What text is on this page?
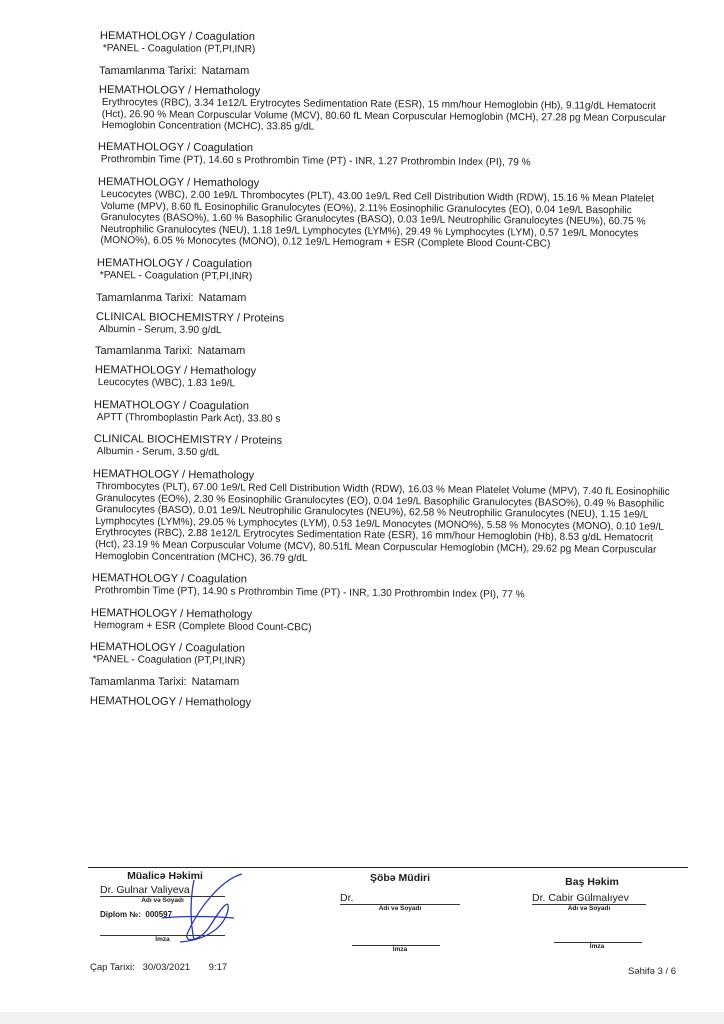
HEMATHOLOGY / Coagulation
*PANEL - Coagulation (PT,PI,INR)
Tamamlanma Tarixi: Natamam
HEMATHOLOGY / Hemathology
Erythrocytes (RBC), 3.34 1e12/L Erytrocytes Sedimentation Rate (ESR), 15 mm/hour Hemoglobin (Hb), 9.11g/dL Hematocrit (Hct), 26.90 % Mean Corpuscular Volume (MCV), 80.60 fL Mean Corpuscular Hemoglobin (MCH), 27.28 pg Mean Corpuscular Hemoglobin Concentration (MCHC), 33.85 g/dL
HEMATHOLOGY / Coagulation
Prothrombin Time (PT), 14.60 s Prothrombin Time (PT) - INR, 1.27 Prothrombin Index (PI), 79 %
HEMATHOLOGY / Hemathology
Leucocytes (WBC), 2.00 1e9/L Thrombocytes (PLT), 43.00 1e9/L Red Cell Distribution Width (RDW), 15.16 % Mean Platelet Volume (MPV), 8.60 fL Eosinophilic Granulocytes (EO%), 2.11% Eosinophilic Granulocytes (EO), 0.04 1e9/L Basophilic Granulocytes (BASO%), 1.60 % Basophilic Granulocytes (BASO), 0.03 1e9/L Neutrophilic Granulocytes (NEU%), 60.75 % Neutrophilic Granulocytes (NEU), 1.18 1e9/L Lymphocytes (LYM%), 29.49 % Lymphocytes (LYM), 0.57 1e9/L Monocytes (MONO%), 6.05 % Monocytes (MONO), 0.12 1e9/L Hemogram + ESR (Complete Blood Count-CBC)
HEMATHOLOGY / Coagulation
*PANEL - Coagulation (PT,PI,INR)
Tamamlanma Tarixi: Natamam
CLINICAL BIOCHEMISTRY / Proteins
Albumin - Serum, 3.90 g/dL
Tamamlanma Tarixi: Natamam
HEMATHOLOGY / Hemathology
Leucocytes (WBC), 1.83 1e9/L
HEMATHOLOGY / Coagulation
APTT (Thromboplastin Park Act), 33.80 s
CLINICAL BIOCHEMISTRY / Proteins
Albumin - Serum, 3.50 g/dL
HEMATHOLOGY / Hemathology
Thrombocytes (PLT), 67.00 1e9/L Red Cell Distribution Width (RDW), 16.03 % Mean Platelet Volume (MPV), 7.40 fL Eosinophilic Granulocytes (EO%), 2.30 % Eosinophilic Granulocytes (EO), 0.04 1e9/L Basophilic Granulocytes (BASO%), 0.49 % Basophilic Granulocytes (BASO), 0.01 1e9/L Neutrophilic Granulocytes (NEU%), 62.58 % Neutrophilic Granulocytes (NEU), 1.15 1e9/L Lymphocytes (LYM%), 29.05 % Lymphocytes (LYM), 0.53 1e9/L Monocytes (MONO%), 5.58 % Monocytes (MONO), 0.10 1e9/L Erythrocytes (RBC), 2.88 1e12/L Erytrocytes Sedimentation Rate (ESR), 16 mm/hour Hemoglobin (Hb), 8.53 g/dL Hematocrit (Hct), 23.19 % Mean Corpuscular Volume (MCV), 80.51fL Mean Corpuscular Hemoglobin (MCH), 29.62 pg Mean Corpuscular Hemoglobin Concentration (MCHC), 36.79 g/dL
HEMATHOLOGY / Coagulation
Prothrombin Time (PT), 14.90 s Prothrombin Time (PT) - INR, 1.30 Prothrombin Index (PI), 77 %
HEMATHOLOGY / Hemathology
Hemogram + ESR (Complete Blood Count-CBC)
HEMATHOLOGY / Coagulation
*PANEL - Coagulation (PT,PI,INR)
Tamamlanma Tarixi: Natamam
HEMATHOLOGY / Hemathology
Müalicə Həkimi
Dr. Gulnar Valiyeva
Adı və Soyadı
Diplom №: 000597
İmza
Şöbə Müdiri
Dr.
Adı və Soyadı
İmza
Baş Həkim
Dr. Cabir Gülmalıyev
Adı və Soyadı
İmza
Çap Tarixi: 30/03/2021 9:17	Səhifə 3 / 6
